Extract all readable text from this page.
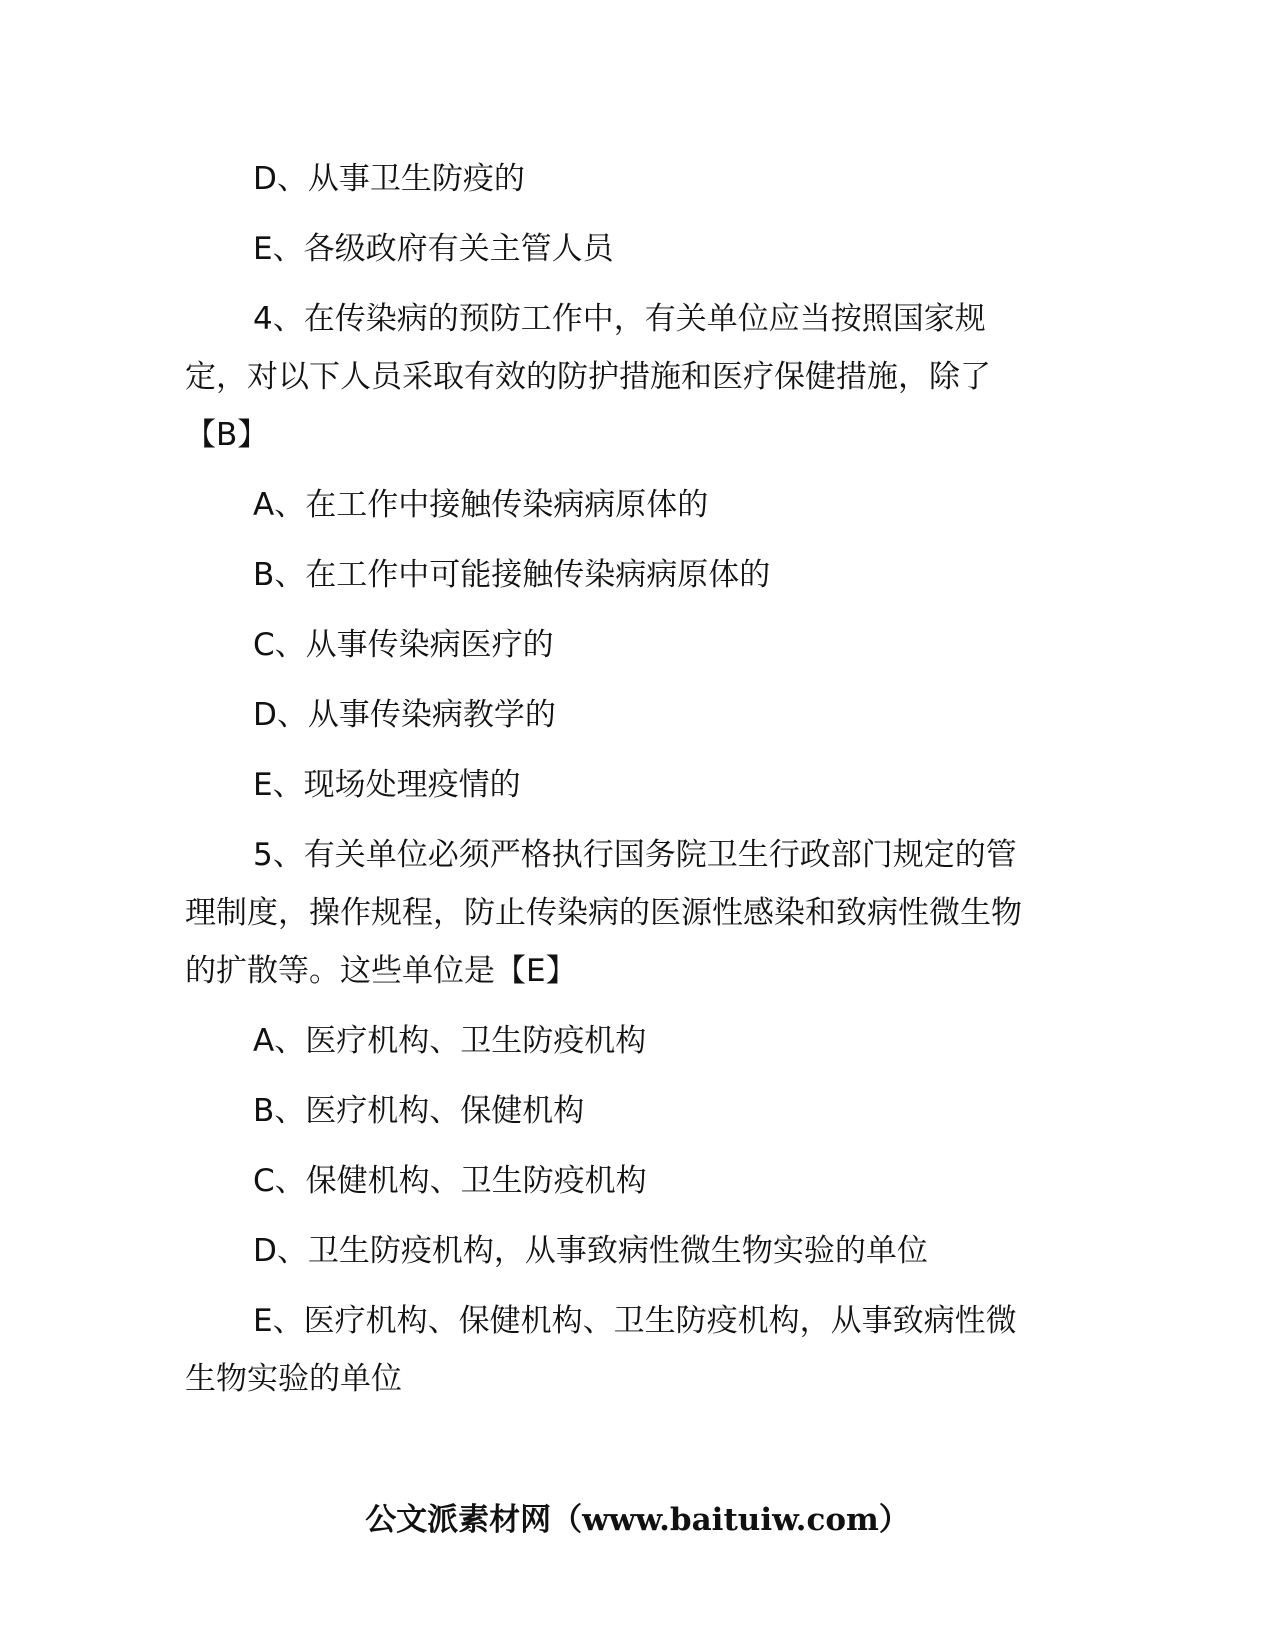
D、从事卫生防疫的
E、各级政府有关主管人员
4、在传染病的预防工作中，有关单位应当按照国家规
定，对以下人员采取有效的防护措施和医疗保健措施，除了
【B】
A、在工作中接触传染病病原体的
B、在工作中可能接触传染病病原体的
C、从事传染病医疗的
D、从事传染病教学的
E、现场处理疫情的
5、有关单位必须严格执行国务院卫生行政部门规定的管
理制度，操作规程，防止传染病的医源性感染和致病性微生物
的扩散等。这些单位是【E】
A、医疗机构、卫生防疫机构
B、医疗机构、保健机构
C、保健机构、卫生防疫机构
D、卫生防疫机构，从事致病性微生物实验的单位
E、医疗机构、保健机构、卫生防疫机构，从事致病性微
生物实验的单位
公文派素材网（www.baituiw.com）
